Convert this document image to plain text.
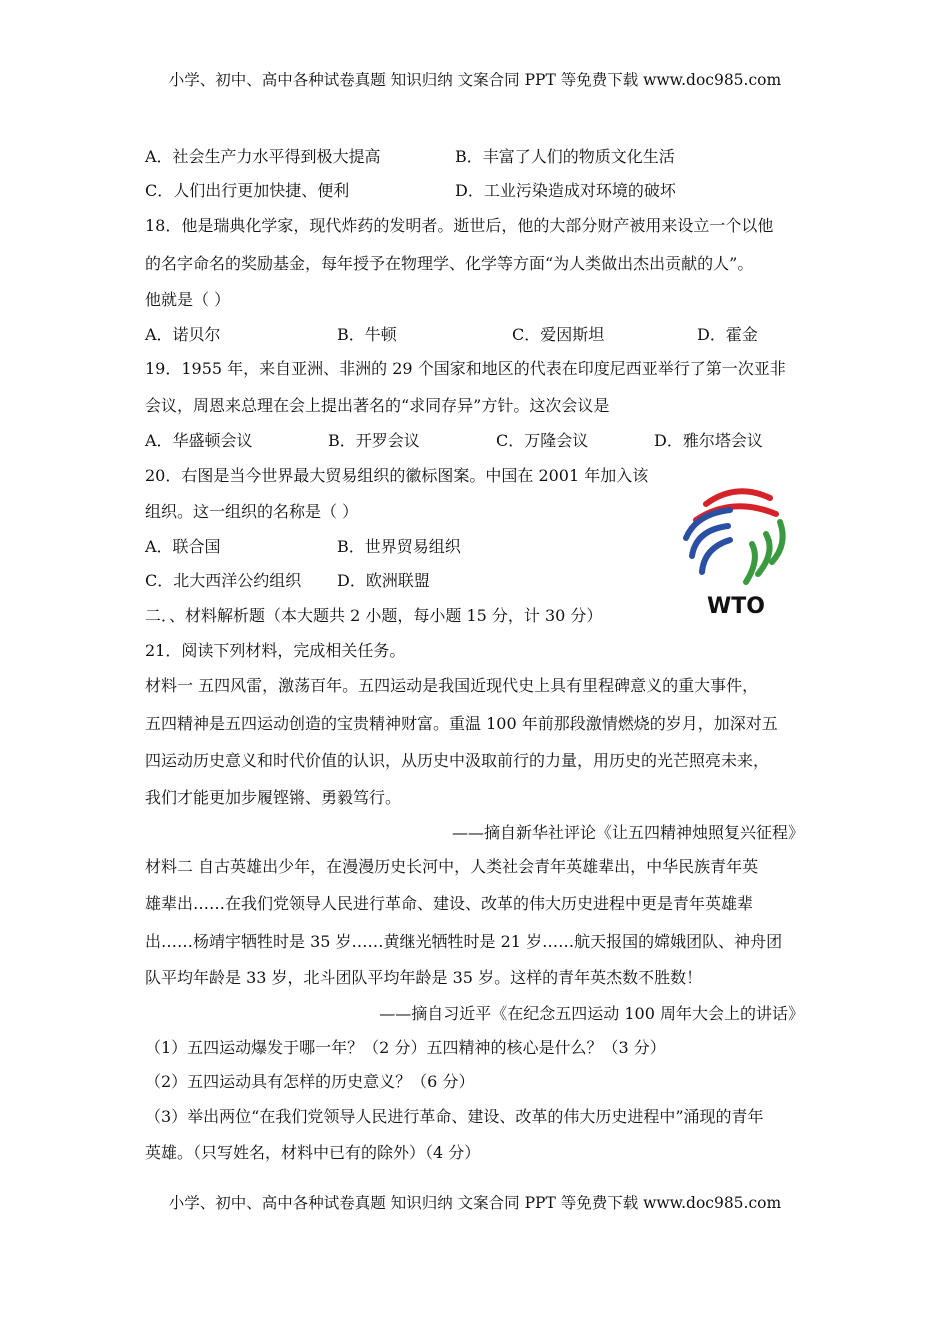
小学、初中、高中各种试卷真题 知识归纳 文案合同 PPT 等免费下载 www.doc985.com
A．社会生产力水平得到极大提高	B．丰富了人们的物质文化生活
C．人们出行更加快捷、便利	D．工业污染造成对环境的破坏
18．他是瑞典化学家，现代炸药的发明者。逝世后，他的大部分财产被用来设立一个以他
的名字命名的奖励基金，每年授予在物理学、化学等方面“为人类做出杰出贡献的人”。
他就是（ ）
A．诺贝尔	B．牛顿	C．爱因斯坦	D．霍金
19．1955 年，来自亚洲、非洲的 29 个国家和地区的代表在印度尼西亚举行了第一次亚非
会议，周恩来总理在会上提出著名的“求同存异”方针。这次会议是
A．华盛顿会议	B．开罗会议	C．万隆会议	D．雅尔塔会议
20．右图是当今世界最大贸易组织的徽标图案。中国在 2001 年加入该
组织。这一组织的名称是（ ）
A．联合国	B．世界贸易组织
C．北大西洋公约组织 D．欧洲联盟
WTO
二．、材料解析题（本大题共 2 小题，每小题 15 分，计 30 分）
21．阅读下列材料，完成相关任务。
材料一 五四风雷，激荡百年。五四运动是我国近现代史上具有里程碑意义的重大事件，
五四精神是五四运动创造的宝贵精神财富。重温 100 年前那段激情燃烧的岁月，加深对五
四运动历史意义和时代价值的认识，从历史中汲取前行的力量，用历史的光芒照亮未来，
我们才能更加步履铿锵、勇毅笃行。
——摘自新华社评论《让五四精神烛照复兴征程》
材料二 自古英雄出少年，在漫漫历史长河中，人类社会青年英雄辈出，中华民族青年英
雄辈出……在我们党领导人民进行革命、建设、改革的伟大历史进程中更是青年英雄辈
出……杨靖宇牺牲时是 35 岁……黄继光牺牲时是 21 岁……航天报国的嫦娥团队、神舟团
队平均年龄是 33 岁，北斗团队平均年龄是 35 岁。这样的青年英杰数不胜数！
——摘自习近平《在纪念五四运动 100 周年大会上的讲话》
（1）五四运动爆发于哪一年？（2 分）五四精神的核心是什么？（3 分）
（2）五四运动具有怎样的历史意义？（6 分）
（3）举出两位“在我们党领导人民进行革命、建设、改革的伟大历史进程中”涌现的青年
英雄。（只写姓名，材料中已有的除外）（4 分）
小学、初中、高中各种试卷真题 知识归纳 文案合同 PPT 等免费下载 www.doc985.com
